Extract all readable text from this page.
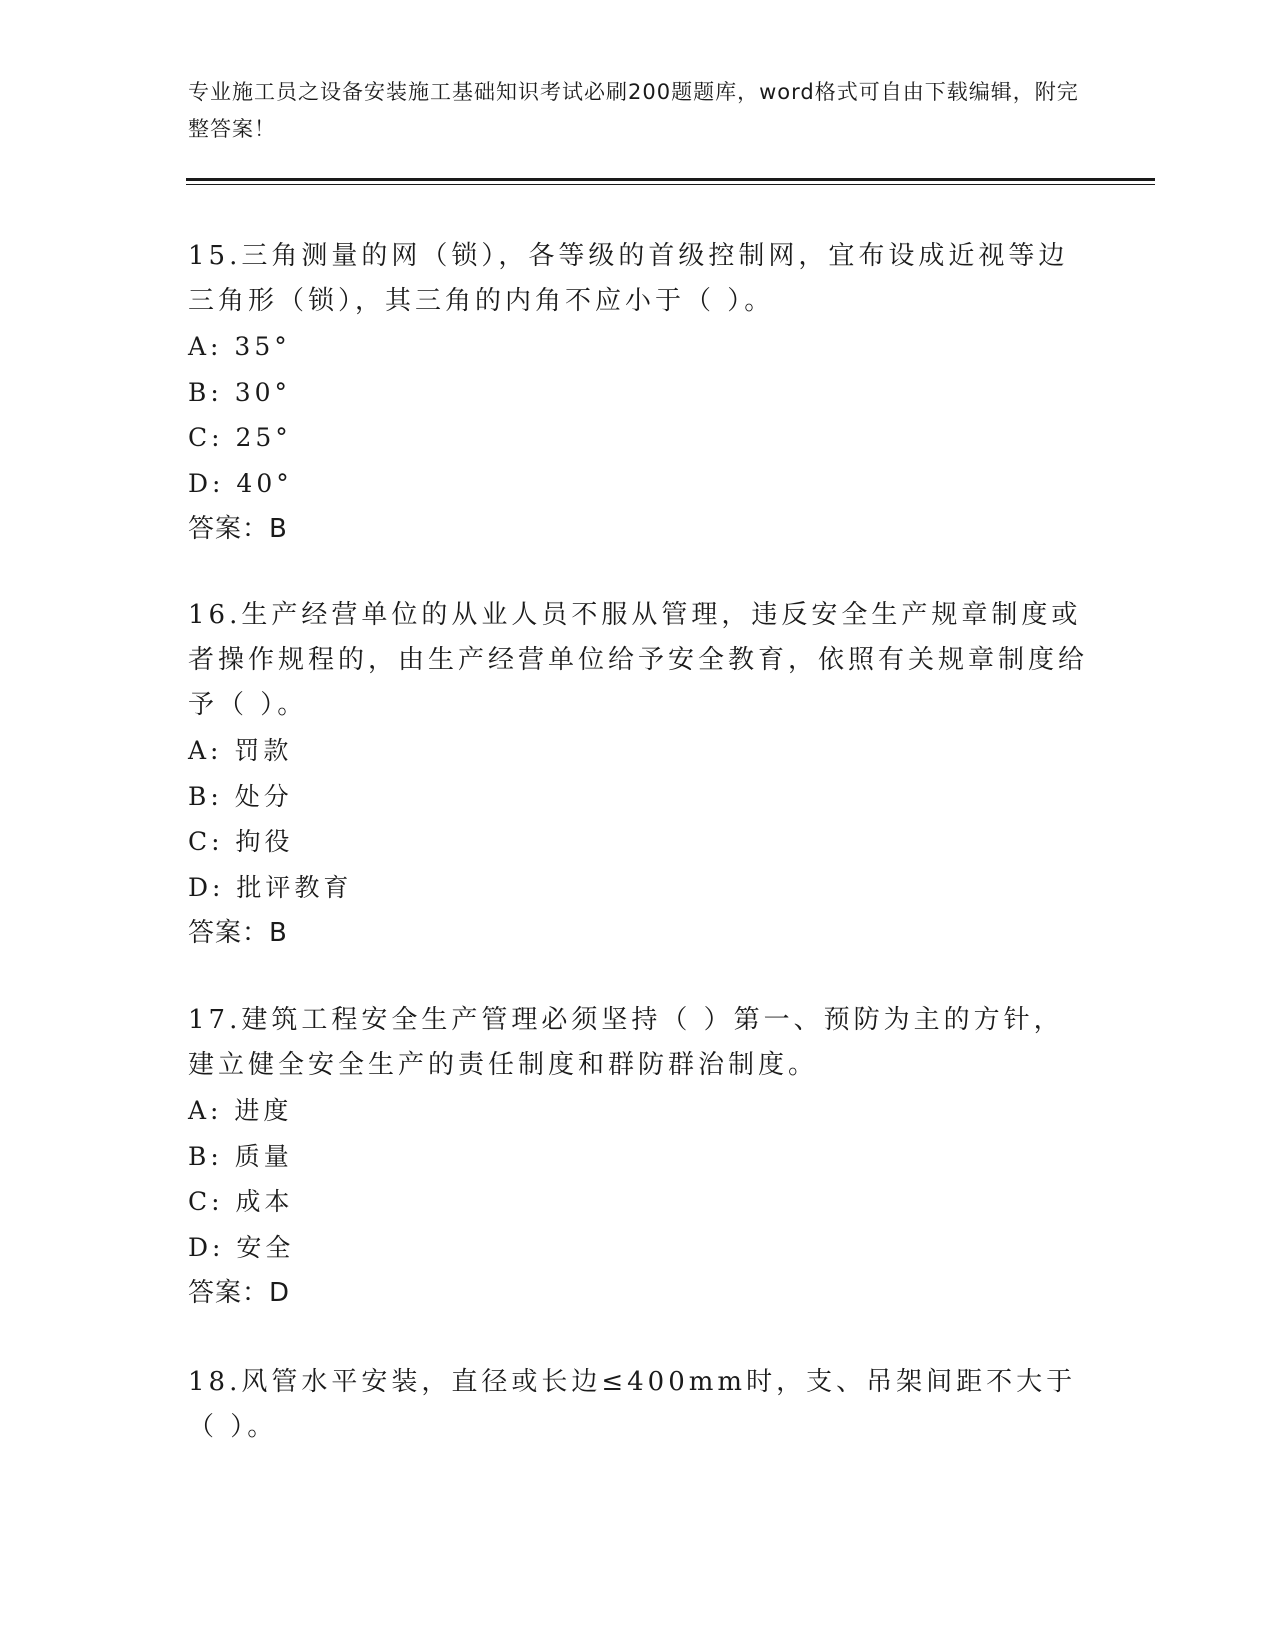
专业施工员之设备安装施工基础知识考试必刷200题题库，word格式可自由下载编辑，附完整答案！

15.三角测量的网（锁），各等级的首级控制网，宜布设成近视等边三角形（锁），其三角的内角不应小于（ ）。

A: 35°

B: 30°

C: 25°

D: 40°

答案：B

16.生产经营单位的从业人员不服从管理，违反安全生产规章制度或者操作规程的，由生产经营单位给予安全教育，依照有关规章制度给予（ ）。

A: 罚款

B: 处分

C: 拘役

D: 批评教育

答案：B

17.建筑工程安全生产管理必须坚持（ ）第一、预防为主的方针，建立健全安全生产的责任制度和群防群治制度。

A: 进度

B: 质量

C: 成本

D: 安全

答案：D

18.风管水平安装，直径或长边≤400mm时，支、吊架间距不大于（ ）。
